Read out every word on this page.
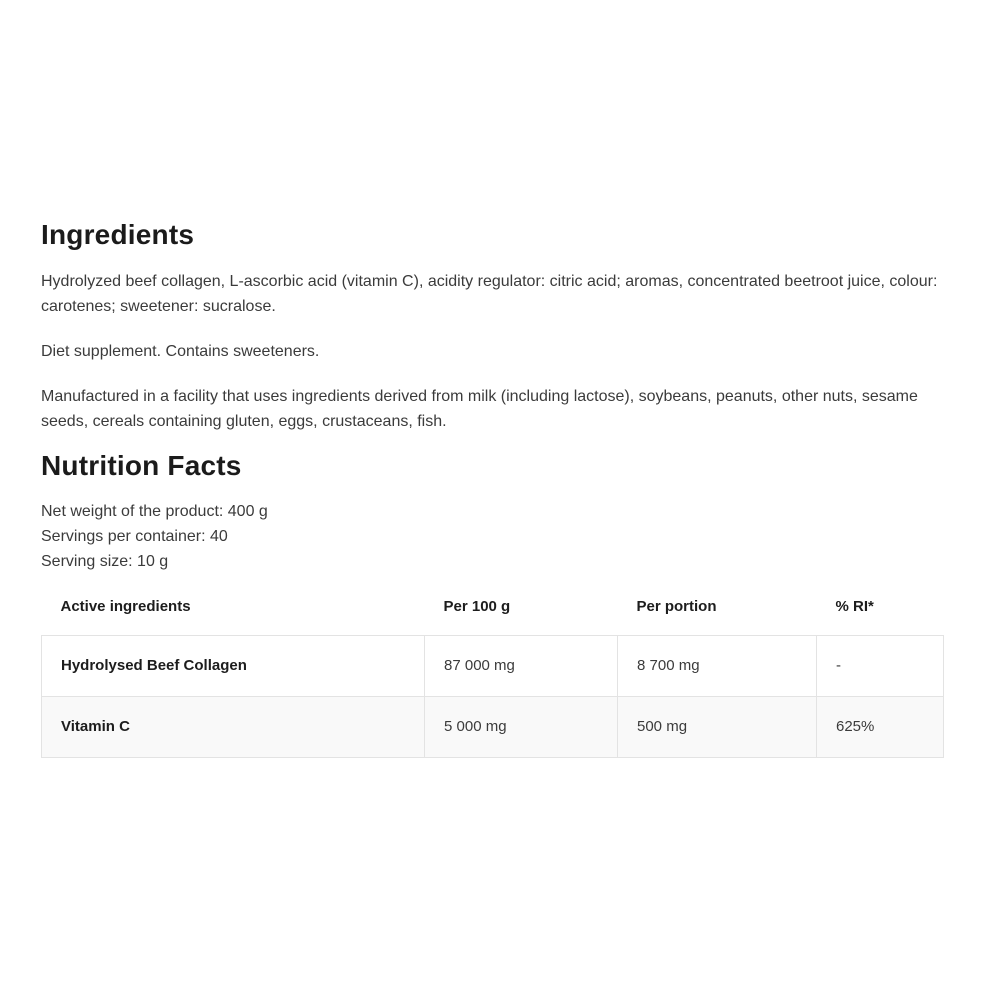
Ingredients

Hydrolyzed beef collagen, L-ascorbic acid (vitamin C), acidity regulator: citric acid; aromas, concentrated beetroot juice, colour: carotenes; sweetener: sucralose.

Diet supplement. Contains sweeteners.

Manufactured in a facility that uses ingredients derived from milk (including lactose), soybeans, peanuts, other nuts, sesame seeds, cereals containing gluten, eggs, crustaceans, fish.

Nutrition Facts
Net weight of the product: 400 g
Servings per container: 40
Serving size: 10 g
Active ingredients	Per 100 g	Per portion	% RI*
Hydrolysed Beef Collagen	87 000 mg	8 700 mg	-
Vitamin C	5 000 mg	500 mg	625%
